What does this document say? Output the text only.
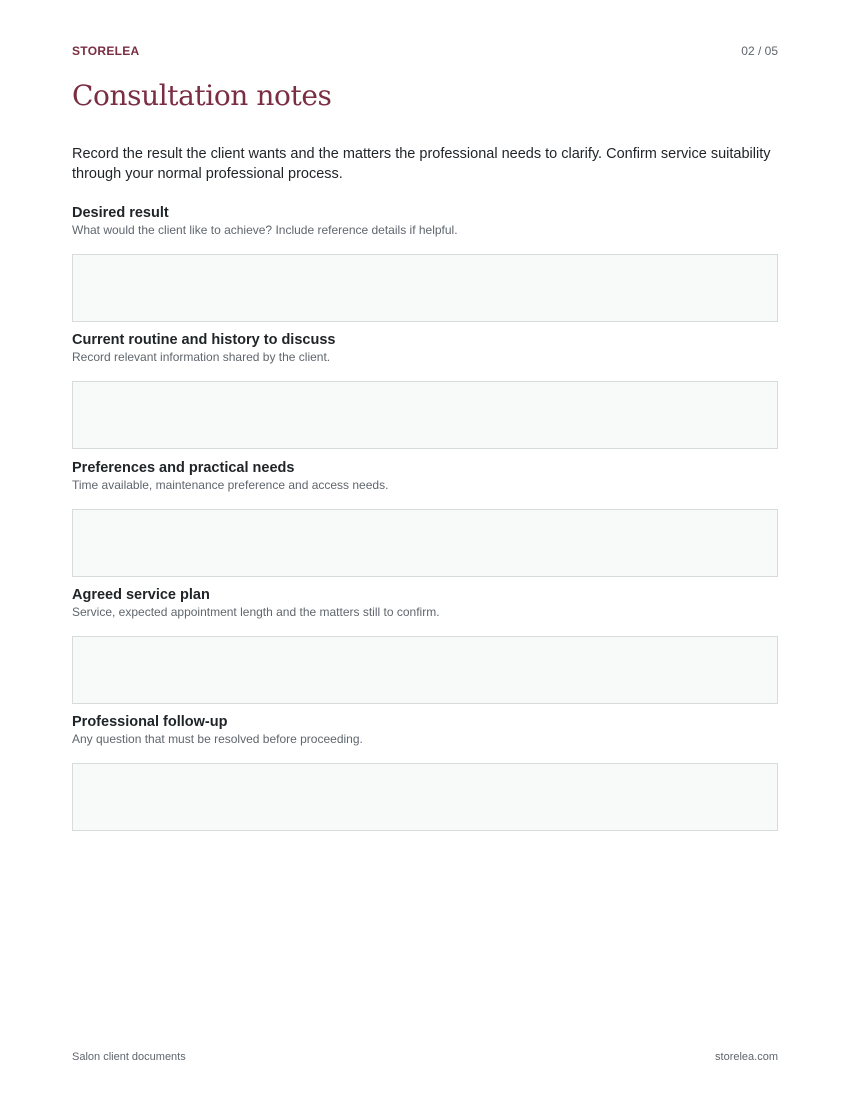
STORELEA	02 / 05
Consultation notes

Record the result the client wants and the matters the professional needs to clarify. Confirm service suitability through your normal professional process.

Desired result

What would the client like to achieve? Include reference details if helpful.

Current routine and history to discuss

Record relevant information shared by the client.

Preferences and practical needs

Time available, maintenance preference and access needs.

Agreed service plan

Service, expected appointment length and the matters still to confirm.

Professional follow-up

Any question that must be resolved before proceeding.

Salon client documents	storelea.com
